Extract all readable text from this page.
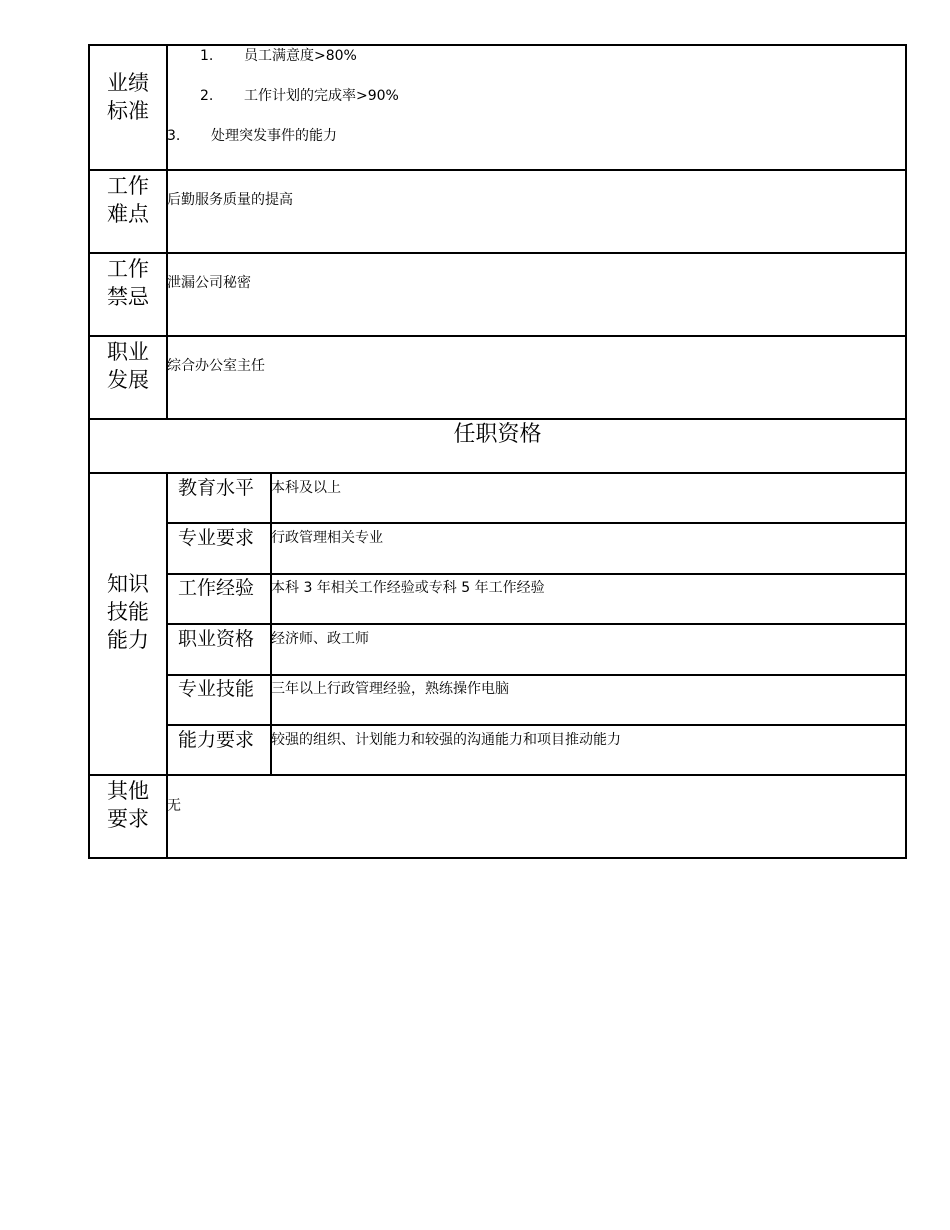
业绩
标准
1. 员工满意度>80%
2. 工作计划的完成率>90%
3. 处理突发事件的能力
工作
难点
后勤服务质量的提高
工作
禁忌
泄漏公司秘密
职业
发展
综合办公室主任
任职资格
知识
技能
能力
教育水平 本科及以上
专业要求 行政管理相关专业
工作经验 本科 3 年相关工作经验或专科 5 年工作经验
职业资格 经济师、政工师
专业技能 三年以上行政管理经验，熟练操作电脑
能力要求 较强的组织、计划能力和较强的沟通能力和项目推动能力
其他
要求
无
